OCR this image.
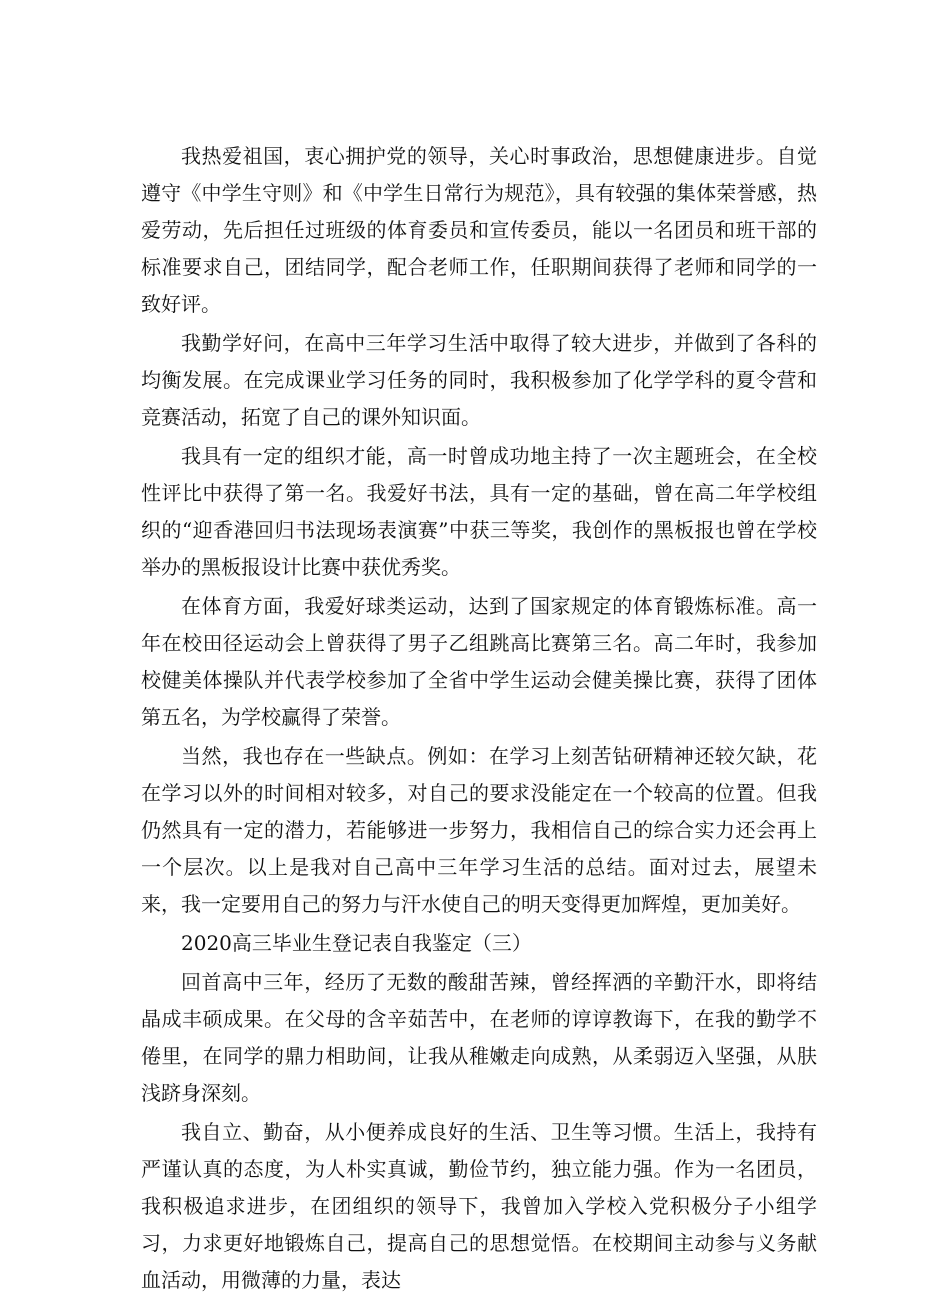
我热爱祖国，衷心拥护党的领导，关心时事政治，思想健康进步。自觉遵守《中学生守则》和《中学生日常行为规范》，具有较强的集体荣誉感，热爱劳动，先后担任过班级的体育委员和宣传委员，能以一名团员和班干部的标准要求自己，团结同学，配合老师工作，任职期间获得了老师和同学的一致好评。

我勤学好问，在高中三年学习生活中取得了较大进步，并做到了各科的均衡发展。在完成课业学习任务的同时，我积极参加了化学学科的夏令营和竞赛活动，拓宽了自己的课外知识面。

我具有一定的组织才能，高一时曾成功地主持了一次主题班会，在全校性评比中获得了第一名。我爱好书法，具有一定的基础，曾在高二年学校组织的“迎香港回归书法现场表演赛”中获三等奖，我创作的黑板报也曾在学校举办的黑板报设计比赛中获优秀奖。

在体育方面，我爱好球类运动，达到了国家规定的体育锻炼标准。高一年在校田径运动会上曾获得了男子乙组跳高比赛第三名。高二年时，我参加校健美体操队并代表学校参加了全省中学生运动会健美操比赛，获得了团体第五名，为学校赢得了荣誉。

当然，我也存在一些缺点。例如：在学习上刻苦钻研精神还较欠缺，花在学习以外的时间相对较多，对自己的要求没能定在一个较高的位置。但我仍然具有一定的潜力，若能够进一步努力，我相信自己的综合实力还会再上一个层次。以上是我对自己高中三年学习生活的总结。面对过去，展望未来，我一定要用自己的努力与汗水使自己的明天变得更加辉煌，更加美好。

2020高三毕业生登记表自我鉴定（三）

回首高中三年，经历了无数的酸甜苦辣，曾经挥洒的辛勤汗水，即将结晶成丰硕成果。在父母的含辛茹苦中，在老师的谆谆教诲下，在我的勤学不倦里，在同学的鼎力相助间，让我从稚嫩走向成熟，从柔弱迈入坚强，从肤浅跻身深刻。

我自立、勤奋，从小便养成良好的生活、卫生等习惯。生活上，我持有严谨认真的态度，为人朴实真诚，勤俭节约，独立能力强。作为一名团员，我积极追求进步，在团组织的领导下，我曾加入学校入党积极分子小组学习，力求更好地锻炼自己，提高自己的思想觉悟。在校期间主动参与义务献血活动，用微薄的力量，表达
